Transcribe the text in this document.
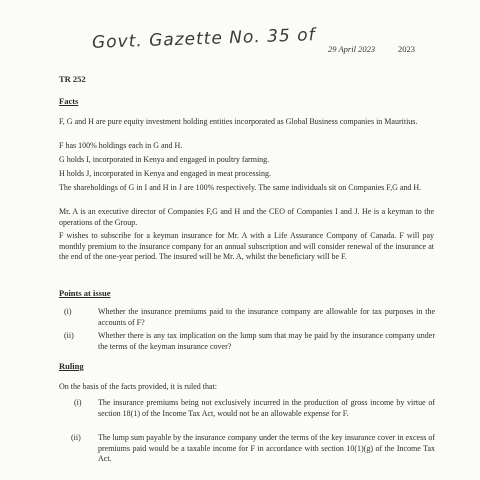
Govt. Gazette No. 35 of 29 April 2023	2023
TR 252
Facts
F, G and H are pure equity investment holding entities incorporated as Global Business companies in Mauritius.
F has 100% holdings each in G and H.
G holds I, incorporated in Kenya and engaged in poultry farming.
H holds J, incorporated in Kenya and engaged in meat processing.
The shareholdings of G in I and H in J are 100% respectively. The same individuals sit on Companies F,G and H.
Mr. A is an executive director of Companies F,G and H and the CEO of Companies I and J. He is a keyman to the operations of the Group.
F wishes to subscribe for a keyman insurance for Mr. A with a Life Assurance Company of Canada. F will pay monthly premium to the insurance company for an annual subscription and will consider renewal of the insurance at the end of the one-year period. The insured will be Mr. A, whilst the beneficiary will be F.
Points at issue
(i)	Whether the insurance premiums paid to the insurance company are allowable for tax purposes in the accounts of F?
(ii)	Whether there is any tax implication on the lump sum that may be paid by the insurance company under the terms of the keyman insurance cover?
Ruling
On the basis of the facts provided, it is ruled that:
(i) The insurance premiums being not exclusively incurred in the production of gross income by virtue of section 18(1) of the Income Tax Act, would not be an allowable expense for F.
(ii) The lump sum payable by the insurance company under the terms of the key insurance cover in excess of premiums paid would be a taxable income for F in accordance with section 10(1)(g) of the Income Tax Act.
